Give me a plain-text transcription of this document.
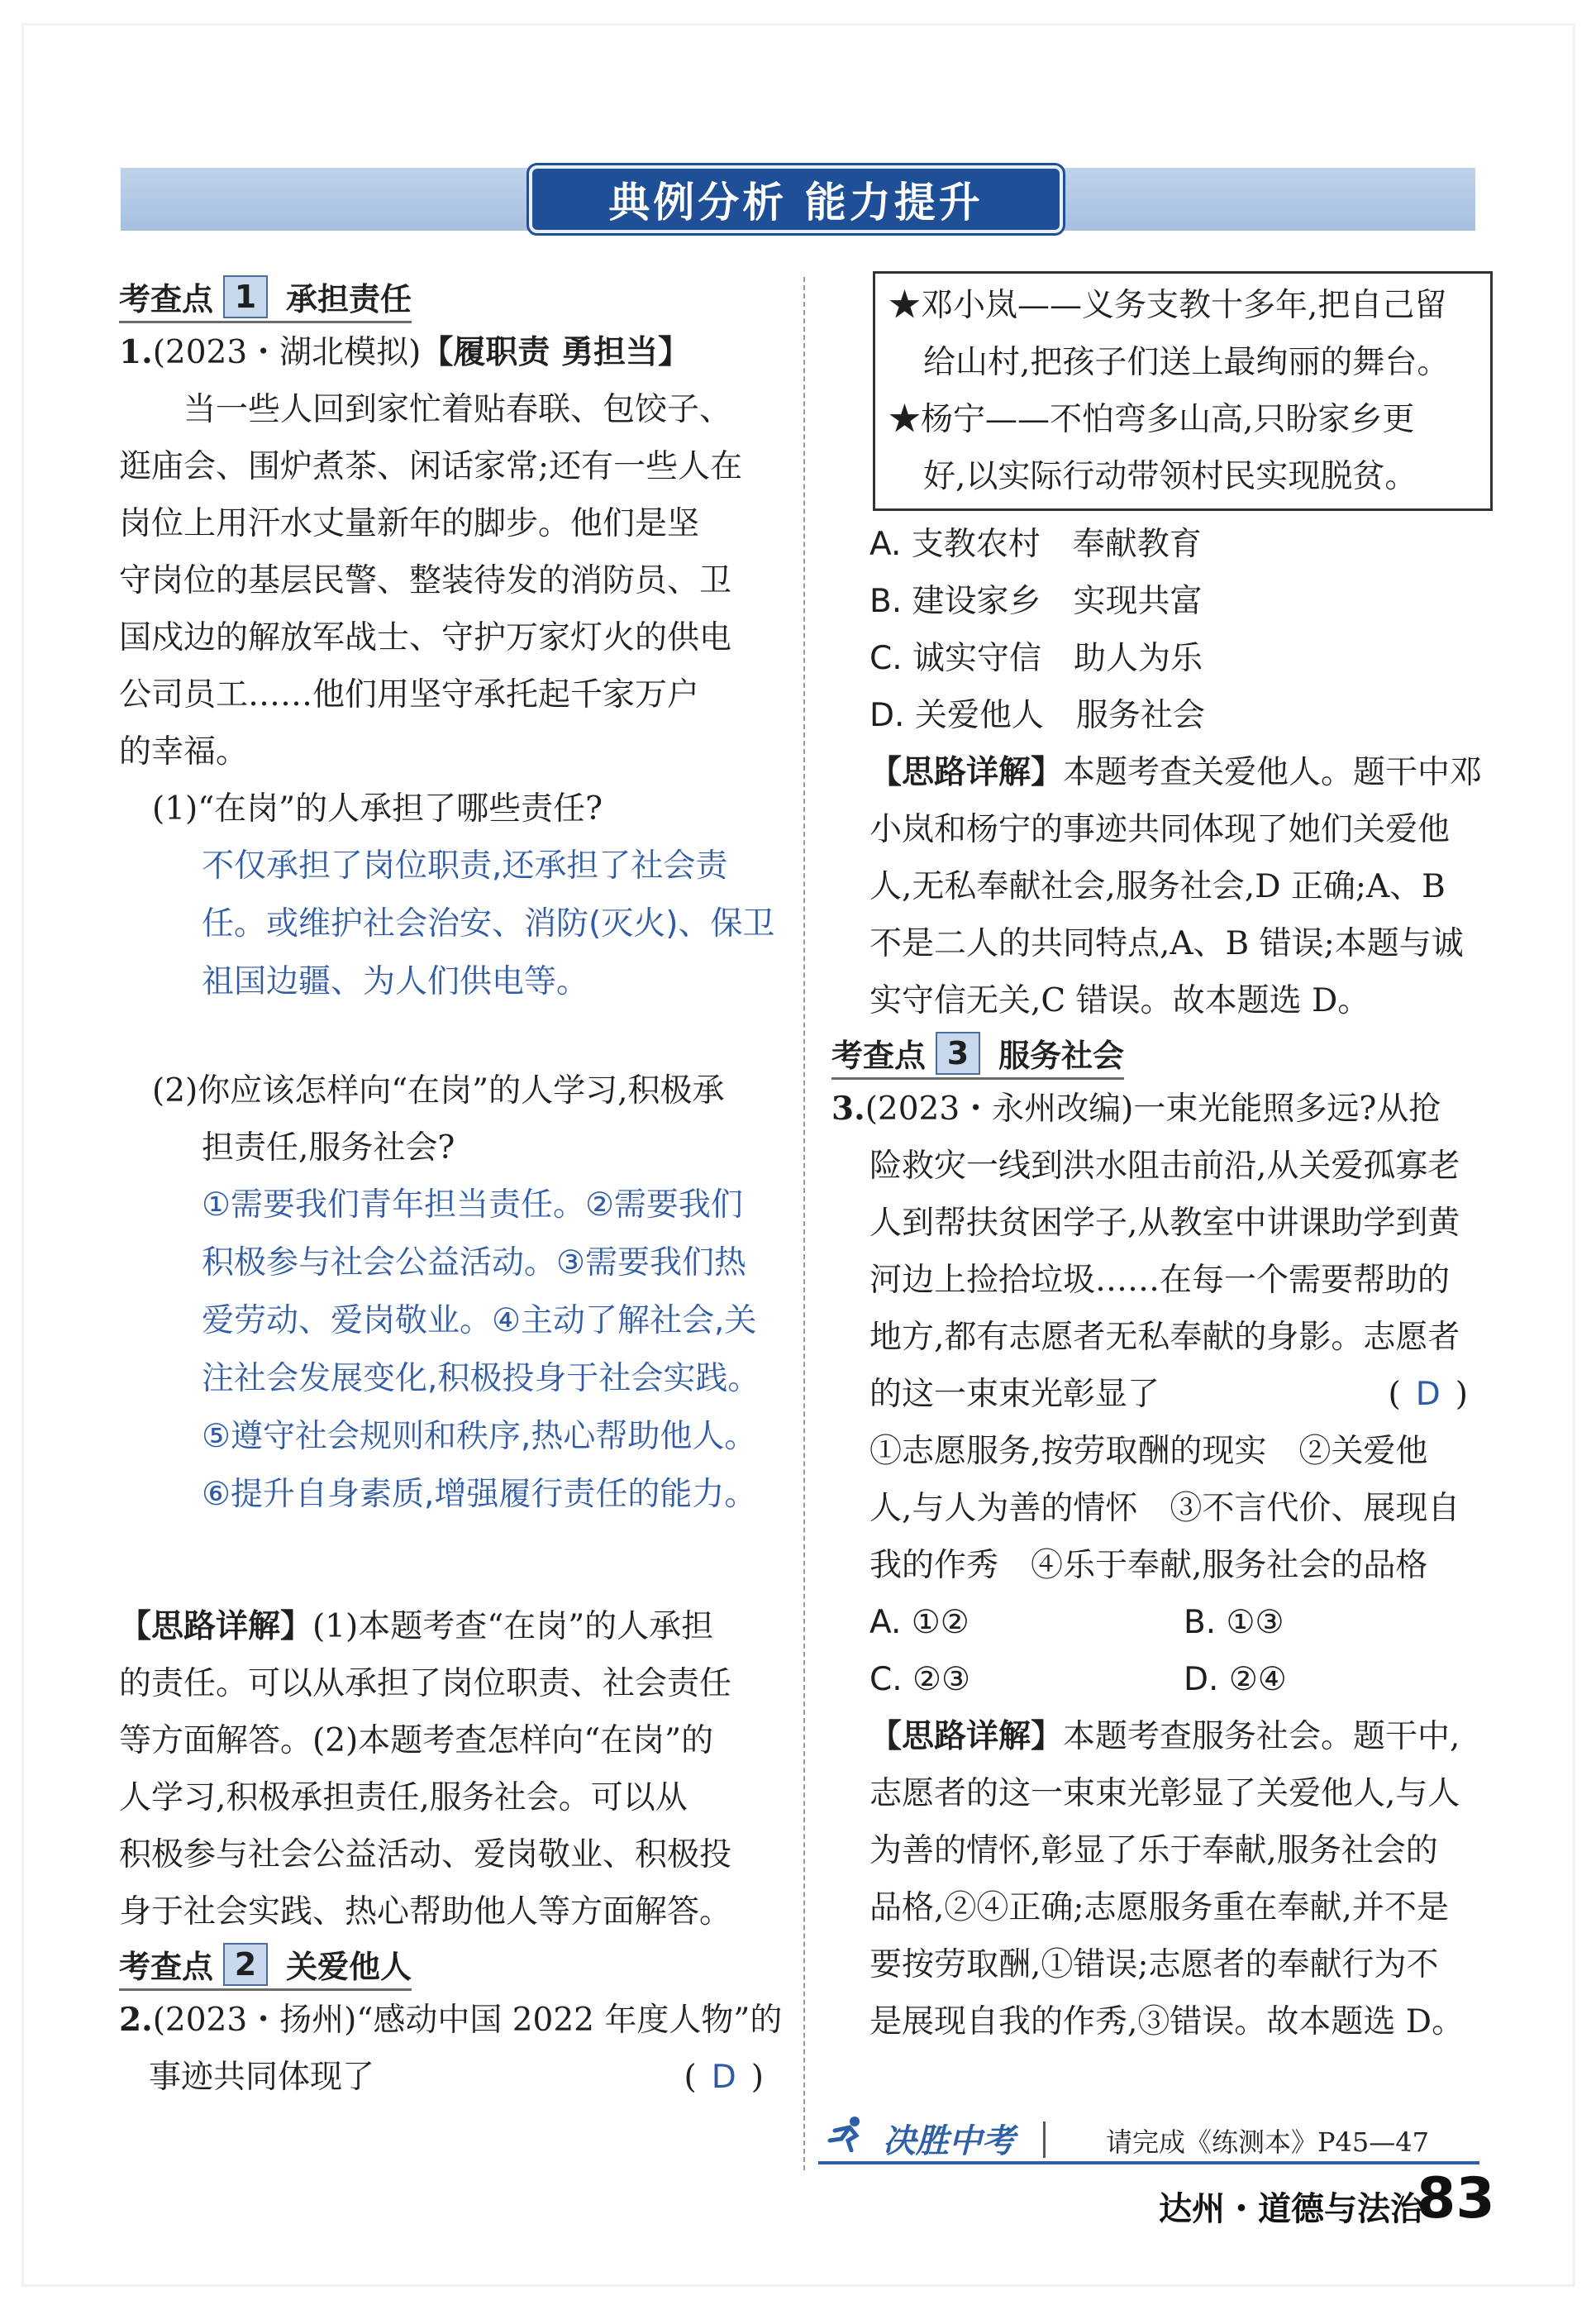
典例分析 能力提升
考查点 1 承担责任
1.(2023・湖北模拟)【履职责 勇担当】
当一些人回到家忙着贴春联、包饺子、
逛庙会、围炉煮茶、闲话家常;还有一些人在
岗位上用汗水丈量新年的脚步。他们是坚
守岗位的基层民警、整装待发的消防员、卫
国戍边的解放军战士、守护万家灯火的供电
公司员工……他们用坚守承托起千家万户
的幸福。
(1)“在岗”的人承担了哪些责任?
不仅承担了岗位职责,还承担了社会责
任。或维护社会治安、消防(灭火)、保卫
祖国边疆、为人们供电等。
(2)你应该怎样向“在岗”的人学习,积极承
担责任,服务社会?
①需要我们青年担当责任。②需要我们
积极参与社会公益活动。③需要我们热
爱劳动、爱岗敬业。④主动了解社会,关
注社会发展变化,积极投身于社会实践。
⑤遵守社会规则和秩序,热心帮助他人。
⑥提升自身素质,增强履行责任的能力。
【思路详解】(1)本题考查“在岗”的人承担
的责任。可以从承担了岗位职责、社会责任
等方面解答。(2)本题考查怎样向“在岗”的
人学习,积极承担责任,服务社会。可以从
积极参与社会公益活动、爱岗敬业、积极投
身于社会实践、热心帮助他人等方面解答。
考查点 2 关爱他人
2.(2023・扬州)“感动中国 2022 年度人物”的
事迹共同体现了	( D )
★邓小岚——义务支教十多年,把自己留
给山村,把孩子们送上最绚丽的舞台。
★杨宁——不怕弯多山高,只盼家乡更
好,以实际行动带领村民实现脱贫。
A. 支教农村　奉献教育
B. 建设家乡　实现共富
C. 诚实守信　助人为乐
D. 关爱他人　服务社会
【思路详解】本题考查关爱他人。题干中邓
小岚和杨宁的事迹共同体现了她们关爱他
人,无私奉献社会,服务社会,D 正确;A、B
不是二人的共同特点,A、B 错误;本题与诚
实守信无关,C 错误。故本题选 D。
考查点 3 服务社会
3.(2023・永州改编)一束光能照多远?从抢
险救灾一线到洪水阻击前沿,从关爱孤寡老
人到帮扶贫困学子,从教室中讲课助学到黄
河边上捡拾垃圾……在每一个需要帮助的
地方,都有志愿者无私奉献的身影。志愿者
的这一束束光彰显了	( D )
①志愿服务,按劳取酬的现实　②关爱他
人,与人为善的情怀　③不言代价、展现自
我的作秀　④乐于奉献,服务社会的品格
A. ①②	B. ①③
C. ②③	D. ②④
【思路详解】本题考查服务社会。题干中,
志愿者的这一束束光彰显了关爱他人,与人
为善的情怀,彰显了乐于奉献,服务社会的
品格,②④正确;志愿服务重在奉献,并不是
要按劳取酬,①错误;志愿者的奉献行为不
是展现自我的作秀,③错误。故本题选 D。
决胜中考	请完成《练测本》P45—47
达州・道德与法治
83
